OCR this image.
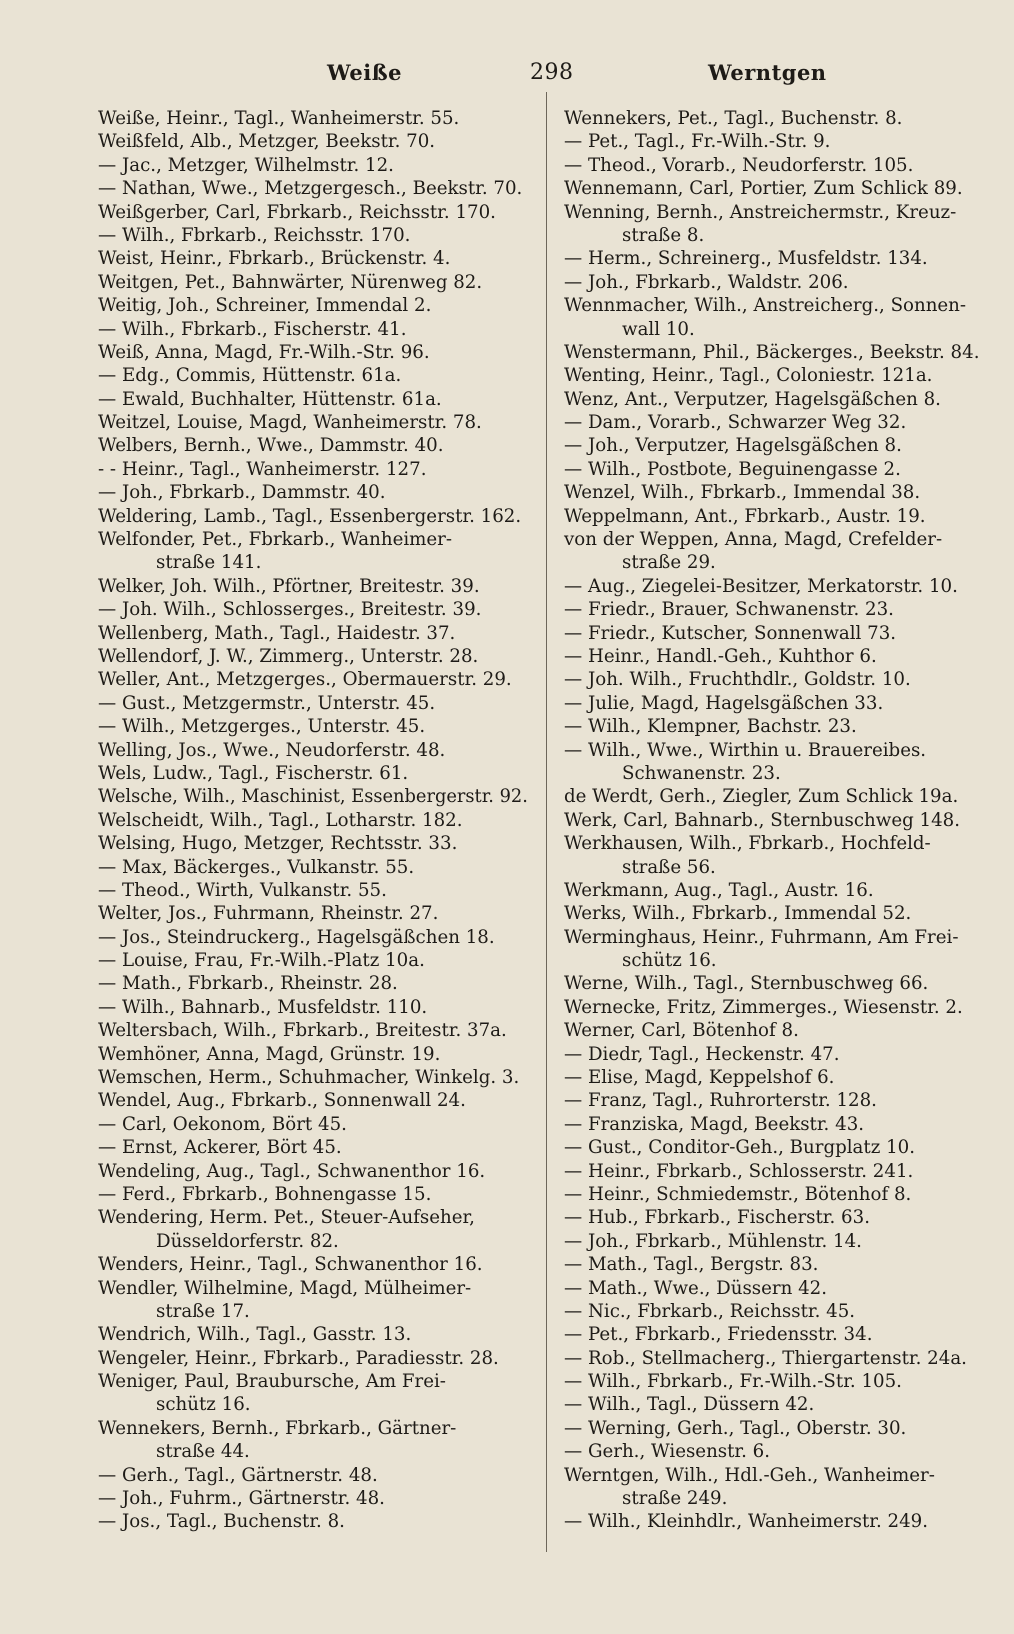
Weiße	298	Werntgen
Weiße, Heinr., Tagl., Wanheimerstr. 55.
Weißfeld, Alb., Metzger, Beekstr. 70.
— Jac., Metzger, Wilhelmstr. 12.
— Nathan, Wwe., Metzgergesch., Beekstr. 70.
Weißgerber, Carl, Fbrkarb., Reichsstr. 170.
— Wilh., Fbrkarb., Reichsstr. 170.
Weist, Heinr., Fbrkarb., Brückenstr. 4.
Weitgen, Pet., Bahnwärter, Nürenweg 82.
Weitig, Joh., Schreiner, Immendal 2.
— Wilh., Fbrkarb., Fischerstr. 41.
Weiß, Anna, Magd, Fr.-Wilh.-Str. 96.
— Edg., Commis, Hüttenstr. 61a.
— Ewald, Buchhalter, Hüttenstr. 61a.
Weitzel, Louise, Magd, Wanheimerstr. 78.
Welbers, Bernh., Wwe., Dammstr. 40.
- - Heinr., Tagl., Wanheimerstr. 127.
— Joh., Fbrkarb., Dammstr. 40.
Weldering, Lamb., Tagl., Essenbergerstr. 162.
Welfonder, Pet., Fbrkarb., Wanheimer-
straße 141.
Welker, Joh. Wilh., Pförtner, Breitestr. 39.
— Joh. Wilh., Schlosserges., Breitestr. 39.
Wellenberg, Math., Tagl., Haidestr. 37.
Wellendorf, J. W., Zimmerg., Unterstr. 28.
Weller, Ant., Metzgerges., Obermauerstr. 29.
— Gust., Metzgermstr., Unterstr. 45.
— Wilh., Metzgerges., Unterstr. 45.
Welling, Jos., Wwe., Neudorferstr. 48.
Wels, Ludw., Tagl., Fischerstr. 61.
Welsche, Wilh., Maschinist, Essenbergerstr. 92.
Welscheidt, Wilh., Tagl., Lotharstr. 182.
Welsing, Hugo, Metzger, Rechtsstr. 33.
— Max, Bäckerges., Vulkanstr. 55.
— Theod., Wirth, Vulkanstr. 55.
Welter, Jos., Fuhrmann, Rheinstr. 27.
— Jos., Steindruckerg., Hagelsgäßchen 18.
— Louise, Frau, Fr.-Wilh.-Platz 10a.
— Math., Fbrkarb., Rheinstr. 28.
— Wilh., Bahnarb., Musfeldstr. 110.
Weltersbach, Wilh., Fbrkarb., Breitestr. 37a.
Wemhöner, Anna, Magd, Grünstr. 19.
Wemschen, Herm., Schuhmacher, Winkelg. 3.
Wendel, Aug., Fbrkarb., Sonnenwall 24.
— Carl, Oekonom, Bört 45.
— Ernst, Ackerer, Bört 45.
Wendeling, Aug., Tagl., Schwanenthor 16.
— Ferd., Fbrkarb., Bohnengasse 15.
Wendering, Herm. Pet., Steuer-Aufseher,
Düsseldorferstr. 82.
Wenders, Heinr., Tagl., Schwanenthor 16.
Wendler, Wilhelmine, Magd, Mülheimer-
straße 17.
Wendrich, Wilh., Tagl., Gasstr. 13.
Wengeler, Heinr., Fbrkarb., Paradiesstr. 28.
Weniger, Paul, Braubursche, Am Frei-
schütz 16.
Wennekers, Bernh., Fbrkarb., Gärtner-
straße 44.
— Gerh., Tagl., Gärtnerstr. 48.
— Joh., Fuhrm., Gärtnerstr. 48.
— Jos., Tagl., Buchenstr. 8.
Wennekers, Pet., Tagl., Buchenstr. 8.
— Pet., Tagl., Fr.-Wilh.-Str. 9.
— Theod., Vorarb., Neudorferstr. 105.
Wennemann, Carl, Portier, Zum Schlick 89.
Wenning, Bernh., Anstreichermstr., Kreuz-
straße 8.
— Herm., Schreinerg., Musfeldstr. 134.
— Joh., Fbrkarb., Waldstr. 206.
Wennmacher, Wilh., Anstreicherg., Sonnen-
wall 10.
Wenstermann, Phil., Bäckerges., Beekstr. 84.
Wenting, Heinr., Tagl., Coloniestr. 121a.
Wenz, Ant., Verputzer, Hagelsgäßchen 8.
— Dam., Vorarb., Schwarzer Weg 32.
— Joh., Verputzer, Hagelsgäßchen 8.
— Wilh., Postbote, Beguinengasse 2.
Wenzel, Wilh., Fbrkarb., Immendal 38.
Weppelmann, Ant., Fbrkarb., Austr. 19.
von der Weppen, Anna, Magd, Crefelder-
straße 29.
— Aug., Ziegelei-Besitzer, Merkatorstr. 10.
— Friedr., Brauer, Schwanenstr. 23.
— Friedr., Kutscher, Sonnenwall 73.
— Heinr., Handl.-Geh., Kuhthor 6.
— Joh. Wilh., Fruchthdlr., Goldstr. 10.
— Julie, Magd, Hagelsgäßchen 33.
— Wilh., Klempner, Bachstr. 23.
— Wilh., Wwe., Wirthin u. Brauereibes.
Schwanenstr. 23.
de Werdt, Gerh., Ziegler, Zum Schlick 19a.
Werk, Carl, Bahnarb., Sternbuschweg 148.
Werkhausen, Wilh., Fbrkarb., Hochfeld-
straße 56.
Werkmann, Aug., Tagl., Austr. 16.
Werks, Wilh., Fbrkarb., Immendal 52.
Werminghaus, Heinr., Fuhrmann, Am Frei-
schütz 16.
Werne, Wilh., Tagl., Sternbuschweg 66.
Wernecke, Fritz, Zimmerges., Wiesenstr. 2.
Werner, Carl, Bötenhof 8.
— Diedr, Tagl., Heckenstr. 47.
— Elise, Magd, Keppelshof 6.
— Franz, Tagl., Ruhrorterstr. 128.
— Franziska, Magd, Beekstr. 43.
— Gust., Conditor-Geh., Burgplatz 10.
— Heinr., Fbrkarb., Schlosserstr. 241.
— Heinr., Schmiedemstr., Bötenhof 8.
— Hub., Fbrkarb., Fischerstr. 63.
— Joh., Fbrkarb., Mühlenstr. 14.
— Math., Tagl., Bergstr. 83.
— Math., Wwe., Düssern 42.
— Nic., Fbrkarb., Reichsstr. 45.
— Pet., Fbrkarb., Friedensstr. 34.
— Rob., Stellmacherg., Thiergartenstr. 24a.
— Wilh., Fbrkarb., Fr.-Wilh.-Str. 105.
— Wilh., Tagl., Düssern 42.
— Werning, Gerh., Tagl., Oberstr. 30.
— Gerh., Wiesenstr. 6.
Werntgen, Wilh., Hdl.-Geh., Wanheimer-
straße 249.
— Wilh., Kleinhdlr., Wanheimerstr. 249.
